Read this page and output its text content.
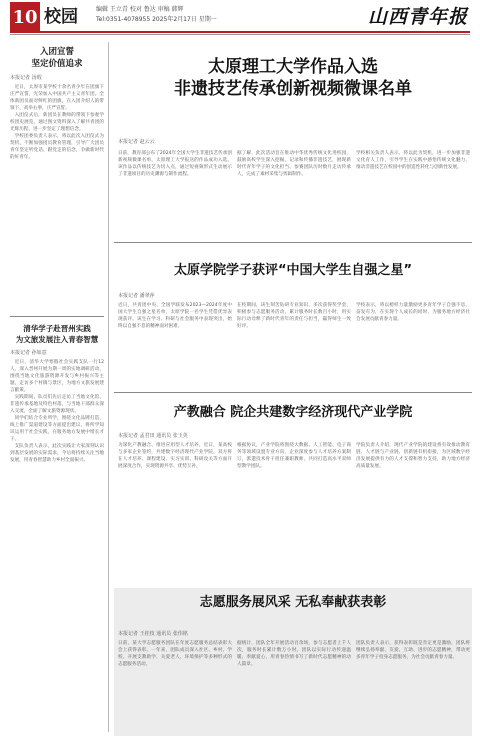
10 校园	编辑 王立青 校对 鲁达 审稿 韩辉
Tel:0351-4078955 2025年2月17日 星期一	山西青年报
入团宣誓
坚定价值追求
本报记者 汤瑕

近日，太原市某学校十余名青少年在团旗下庄严宣誓，光荣加入中国共产主义青年团。全体新团员面对鲜红的团旗，在入团介绍人的带领下，高举右拳，庄严宣誓。

入团仪式后，新团员在教师的带领下参观学校团史展览，通过图文资料深入了解共青团的光辉历程，进一步坚定了理想信念。

学校团委负责人表示，将以此次入团仪式为契机，不断加强团员教育管理，引导广大团员青年坚定听党话、跟党走的信念，争做新时代的好青年。

清华学子赴晋州实践
为文旅发展注入青春智慧
本报记者 孙如意

近日，清华大学寒假社会实践支队一行12人，深入晋州开展为期一周的实地调研活动，围绕当地文化旅游资源开发与乡村振兴等主题，走访多个村镇与景区，为地方文旅发展建言献策。

实践期间，队员们先后走访了当地文化馆、非遗传承基地及特色村落，与当地干部群众深入交流，全面了解文旅资源现状。

同学们结合专业所学，围绕文化品牌打造、线上推广渠道建设等方面提出建议，将所学知识运用于社会实践，在服务地方发展中增长才干。

支队负责人表示，此次实践让大家深刻认识到基层发展的实际需求，今后将持续关注当地发展，用青春智慧助力乡村全面振兴。

太原理工大学作品入选
非遗技艺传承创新视频微课名单
本报记者 赵云云
日前，教育部公布了2024年全国大学生非遗技艺传承创新视频微课名单，太原理工大学报送的作品成功入选。该作品以传统技艺为切入点，通过短视频形式生动展示了非遗项目的历史渊源与制作流程。
据了解，此次活动旨在推动中华优秀传统文化进校园，鼓励高校学生深入挖掘、记录和传播非遗技艺，展现新时代青年学子的文化担当。参赛团队历时数月走访传承人，完成了素材采集与剪辑制作。
学校相关负责人表示，将以此为契机，进一步加强非遗文化育人工作，引导学生在实践中感悟传统文化魅力，推动非遗技艺在校园中的创造性转化与创新性发展。
太原学院学子获评“中国大学生自强之星”
本报记者 潘翠萍
近日，共青团中央、全国学联发布2023—2024年度中国大学生自强之星名单，太原学院一名学生凭借优异表现获评。该生在学习、科研与社会服务中表现突出，始终以自强不息的精神面对困难。
在校期间，该生刻苦钻研专业知识，多次获得奖学金，积极参与志愿服务活动，累计服务时长数百小时，用实际行动诠释了新时代青年的责任与担当，赢得师生一致好评。
学校表示，将以榜样力量激励更多青年学子自强不息、奋发有为，在实现个人成长的同时，为服务地方经济社会发展贡献青春力量。
产教融合 院企共建数字经济现代产业学院
本报记者 孟君田 通讯员 张玉英
为深化产教融合、推进应用型人才培养，近日，某高校与多家企业签约，共建数字经济现代产业学院。双方将在人才培养、课程建设、实习实训、科研攻关等方面开展深度合作，实现资源共享、优势互补。
根据协议，产业学院将围绕大数据、人工智能、电子商务等领域设置专业方向，企业深度参与人才培养方案制订，派遣技术骨干担任兼职教师，共同打造高水平双师型教学团队。
学院负责人介绍，现代产业学院的建设将有效推动教育链、人才链与产业链、创新链有机衔接，为区域数字经济发展提供有力的人才支撑和智力支持，助力地方经济高质量发展。
志愿服务展风采 无私奉献获表彰
本报记者 王桂枝 通讯员 张伟铭
日前，某大学志愿服务团队在年度志愿服务总结表彰大会上获得表彰。一年来，团队成员深入社区、乡村、学校，开展支教助学、关爱老人、环境保护等多种形式的志愿服务活动。
据统计，团队全年开展活动百余场，参与志愿者上千人次，服务时长累计数万小时。团队以实际行动传递温暖、奉献爱心，用青春热情书写了新时代志愿精神的动人篇章。
团队负责人表示，获得表彰既是肯定更是激励，团队将继续弘扬奉献、友爱、互助、进步的志愿精神，带动更多青年学子投身志愿服务，为社会贡献青春力量。
